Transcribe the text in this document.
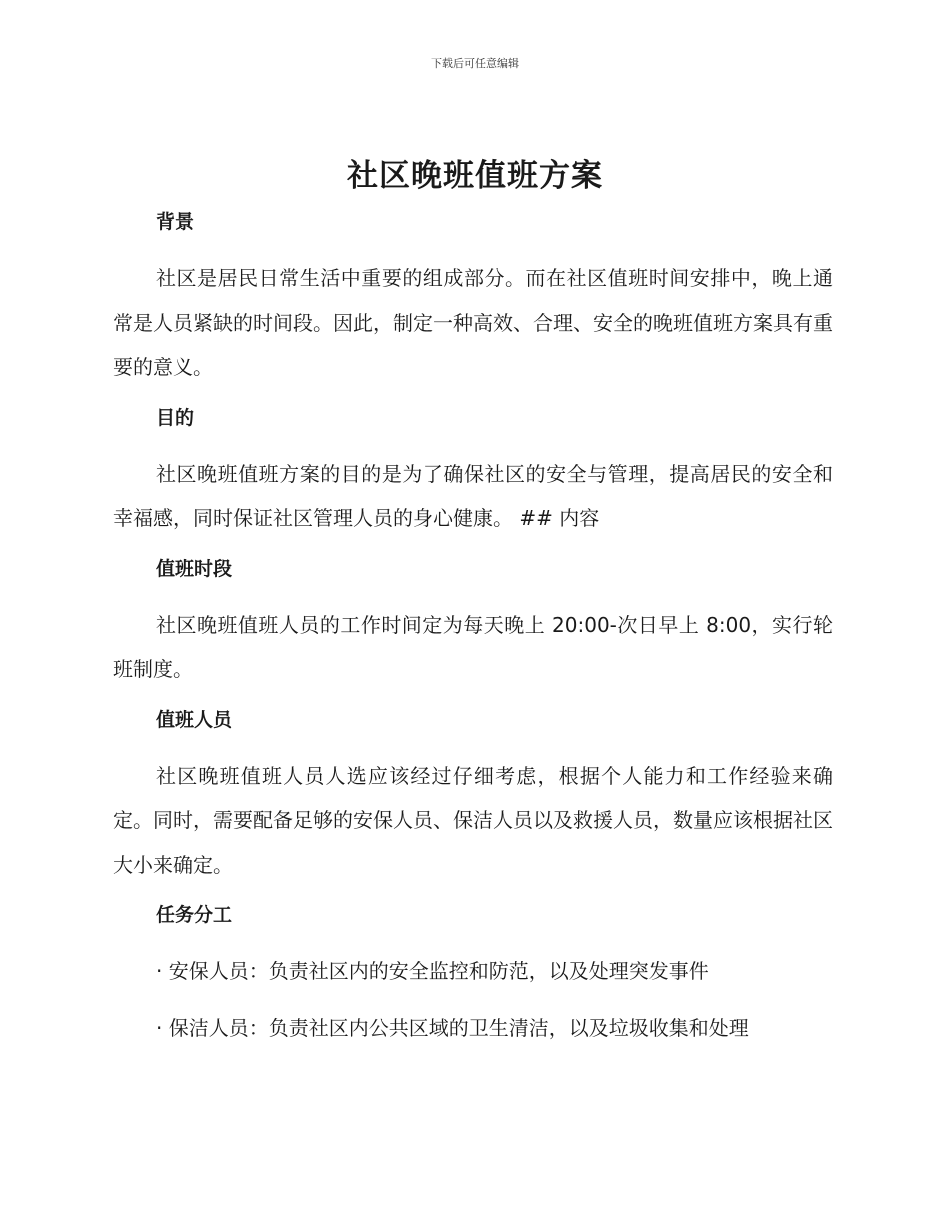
下载后可任意编辑
社区晚班值班方案
背景

社区是居民日常生活中重要的组成部分。而在社区值班时间安排中，晚上通常是人员紧缺的时间段。因此，制定一种高效、合理、安全的晚班值班方案具有重要的意义。

目的

社区晚班值班方案的目的是为了确保社区的安全与管理，提高居民的安全和幸福感，同时保证社区管理人员的身心健康。 ## 内容

值班时段

社区晚班值班人员的工作时间定为每天晚上 20:00-次日早上 8:00，实行轮班制度。

值班人员

社区晚班值班人员人选应该经过仔细考虑，根据个人能力和工作经验来确定。同时，需要配备足够的安保人员、保洁人员以及救援人员，数量应该根据社区大小来确定。

任务分工

· 安保人员：负责社区内的安全监控和防范，以及处理突发事件

· 保洁人员：负责社区内公共区域的卫生清洁，以及垃圾收集和处理
